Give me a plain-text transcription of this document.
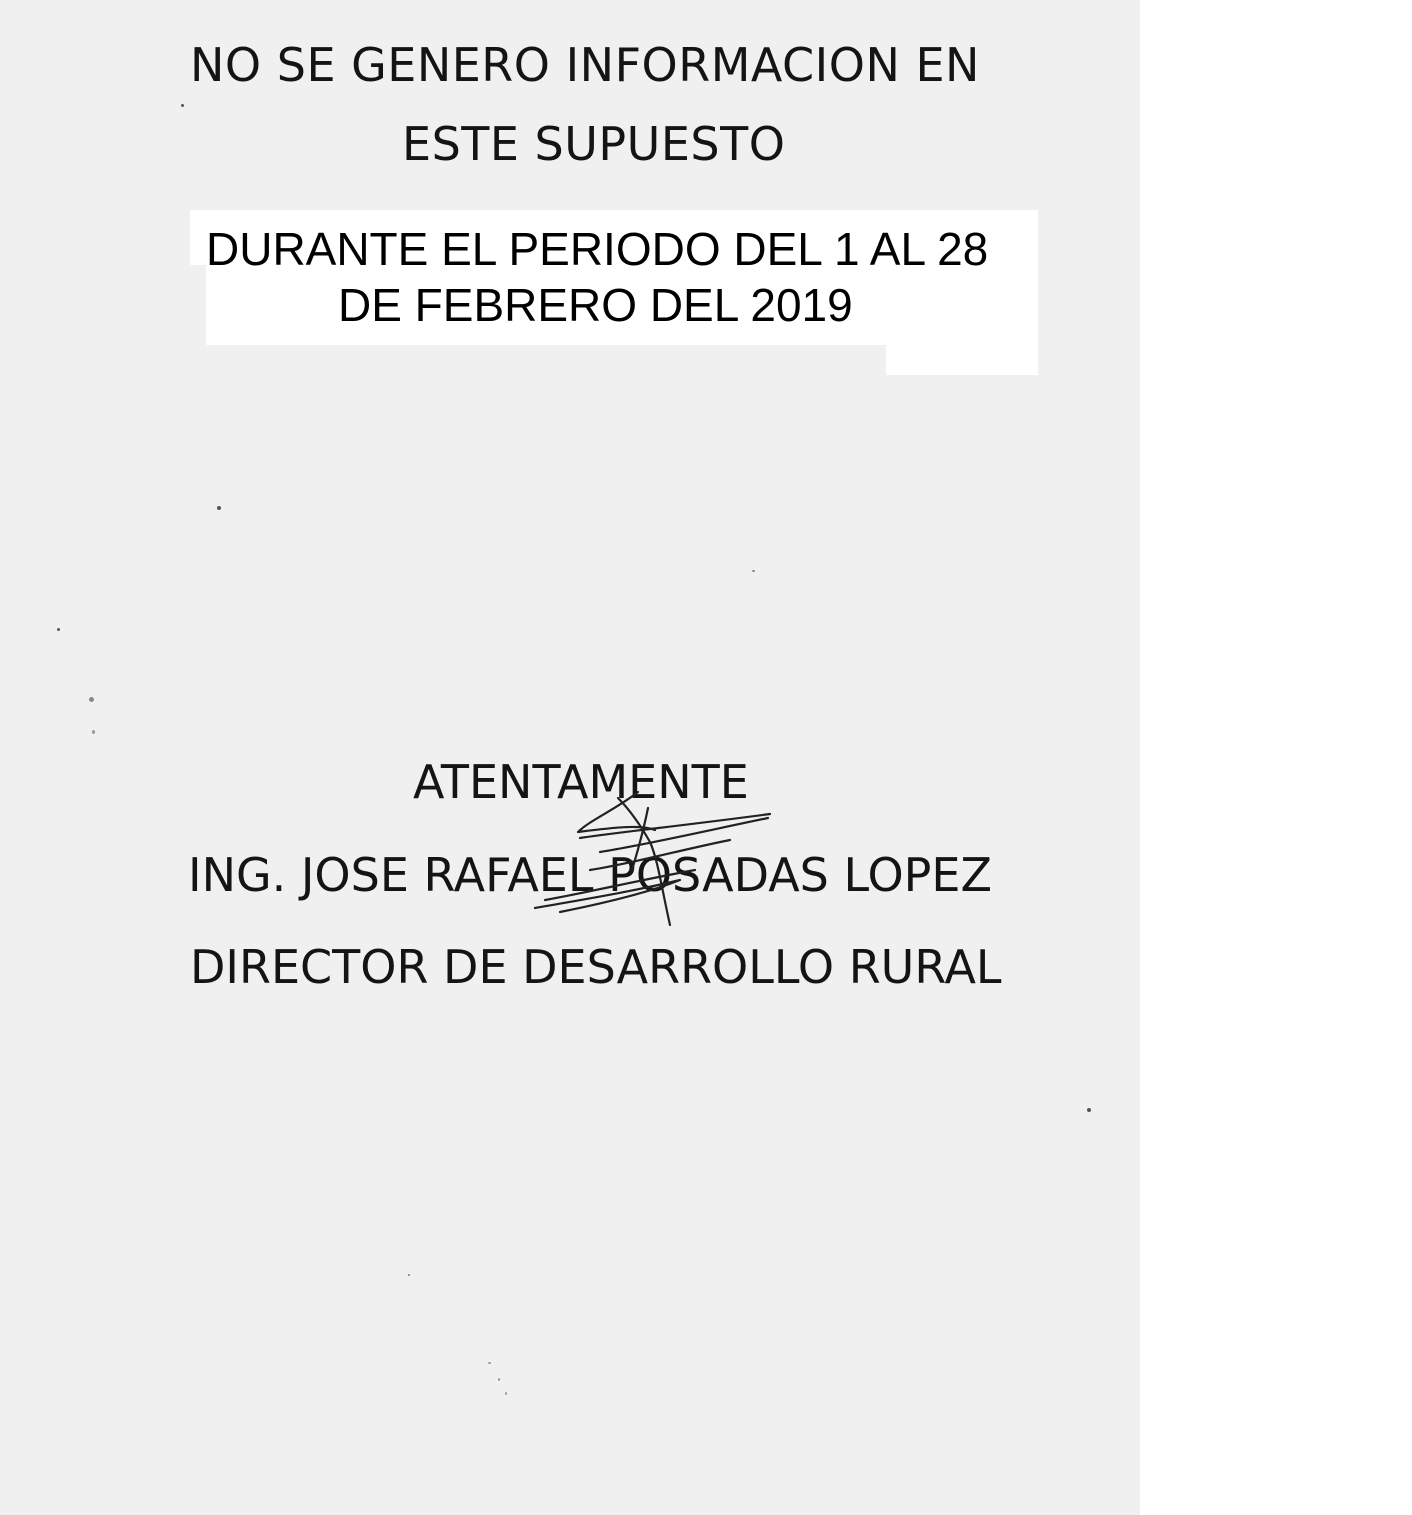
NO SE GENERO INFORMACION EN

ESTE SUPUESTO

DURANTE EL PERIODO DEL 1 AL 28

DE FEBRERO DEL 2019

ATENTAMENTE

ING. JOSE RAFAEL POSADAS LOPEZ

DIRECTOR DE DESARROLLO RURAL
